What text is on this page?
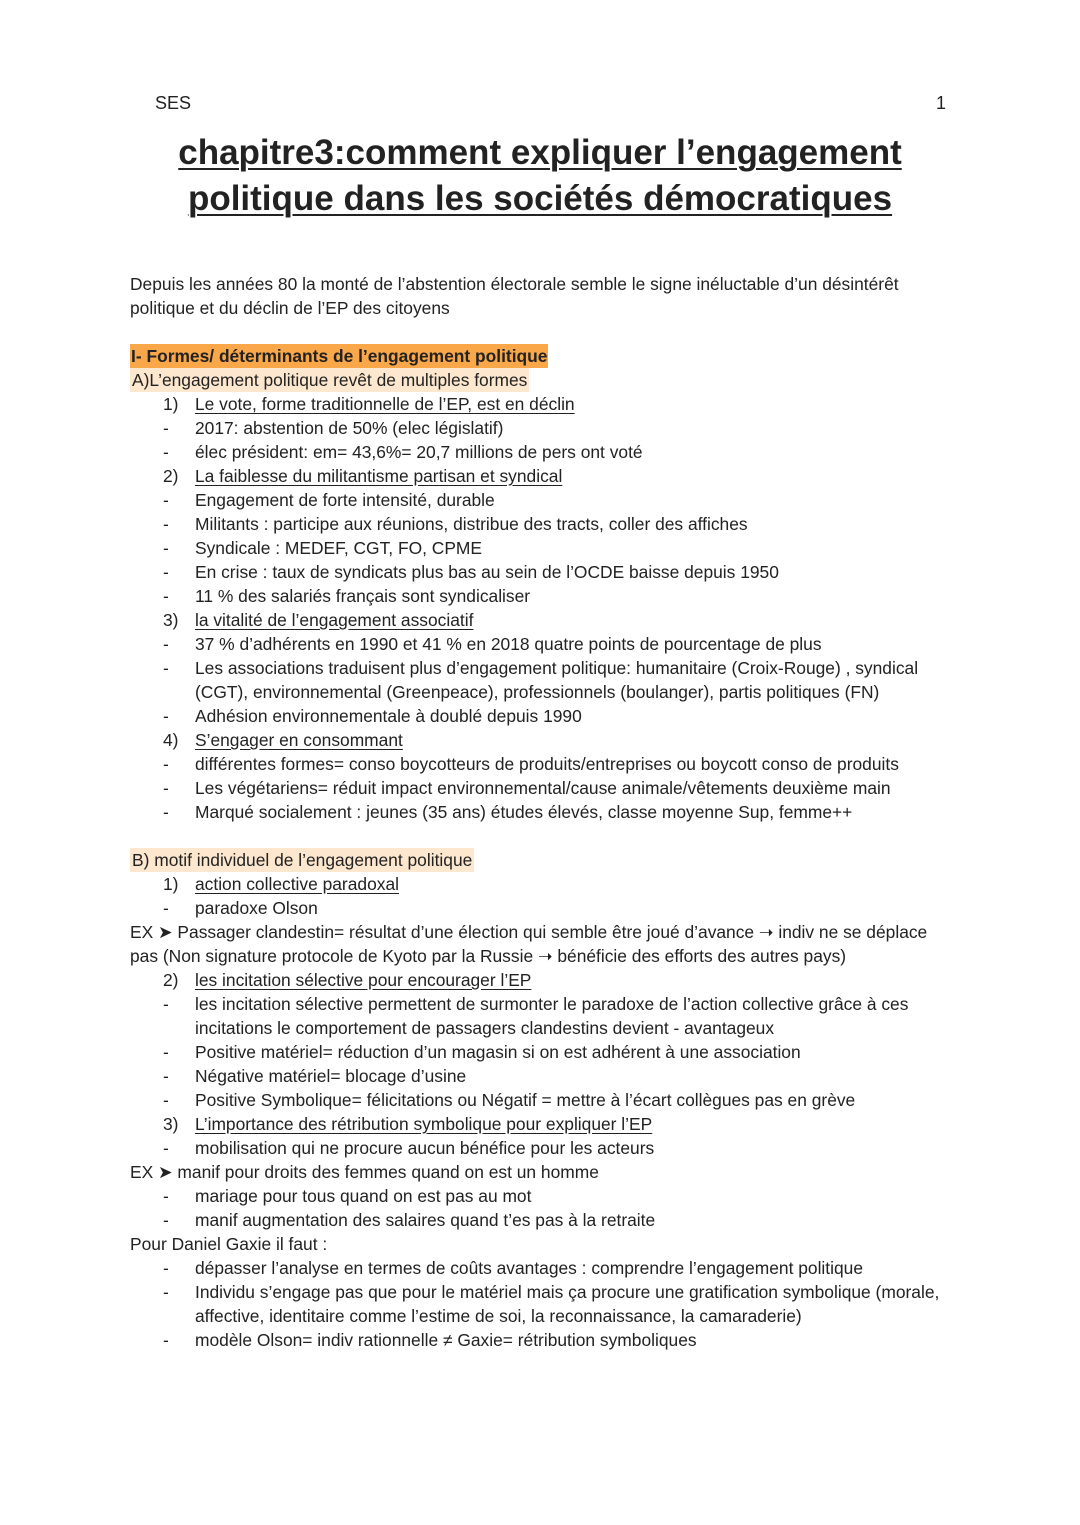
SES	1
chapitre3:comment expliquer l’engagement
politique dans les sociétés démocratiques
Depuis les années 80 la monté de l’abstention électorale semble le signe inéluctable d’un désintérêt politique et du déclin de l’EP des citoyens
I- Formes/ déterminants de l’engagement politique
A)L’engagement politique revêt de multiples formes
1) Le vote, forme traditionnelle de l’EP, est en déclin
- 2017: abstention de 50% (elec législatif)
- élec président: em= 43,6%= 20,7 millions de pers ont voté
2) La faiblesse du militantisme partisan et syndical
- Engagement de forte intensité, durable
- Militants : participe aux réunions, distribue des tracts, coller des affiches
- Syndicale : MEDEF, CGT, FO, CPME
- En crise : taux de syndicats plus bas au sein de l’OCDE baisse depuis 1950
- 11 % des salariés français sont syndicaliser
3) la vitalité de l’engagement associatif
- 37 % d’adhérents en 1990 et 41 % en 2018 quatre points de pourcentage de plus
- Les associations traduisent plus d’engagement politique: humanitaire (Croix-Rouge) , syndical (CGT), environnemental (Greenpeace), professionnels (boulanger), partis politiques (FN)
- Adhésion environnementale à doublé depuis 1990
4) S’engager en consommant
- différentes formes= conso boycotteurs de produits/entreprises ou boycott conso de produits
- Les végétariens= réduit impact environnemental/cause animale/vêtements deuxième main
- Marqué socialement : jeunes (35 ans) études élevés, classe moyenne Sup, femme++
B) motif individuel de l’engagement politique
1) action collective paradoxal
- paradoxe Olson
EX ➤ Passager clandestin= résultat d’une élection qui semble être joué d’avance ➝ indiv ne se déplace pas (Non signature protocole de Kyoto par la Russie ➝ bénéficie des efforts des autres pays)
2) les incitation sélective pour encourager l’EP
- les incitation sélective permettent de surmonter le paradoxe de l’action collective grâce à ces incitations le comportement de passagers clandestins devient - avantageux
- Positive matériel= réduction d’un magasin si on est adhérent à une association
- Négative matériel= blocage d’usine
- Positive Symbolique= félicitations ou Négatif = mettre à l’écart collègues pas en grève
3) L’importance des rétribution symbolique pour expliquer l’EP
- mobilisation qui ne procure aucun bénéfice pour les acteurs
EX ➤ manif pour droits des femmes quand on est un homme
- mariage pour tous quand on est pas au mot
- manif augmentation des salaires quand t’es pas à la retraite
Pour Daniel Gaxie il faut :
- dépasser l’analyse en termes de coûts avantages : comprendre l’engagement politique
- Individu s’engage pas que pour le matériel mais ça procure une gratification symbolique (morale, affective, identitaire comme l’estime de soi, la reconnaissance, la camaraderie)
- modèle Olson= indiv rationnelle ≠ Gaxie= rétribution symboliques
